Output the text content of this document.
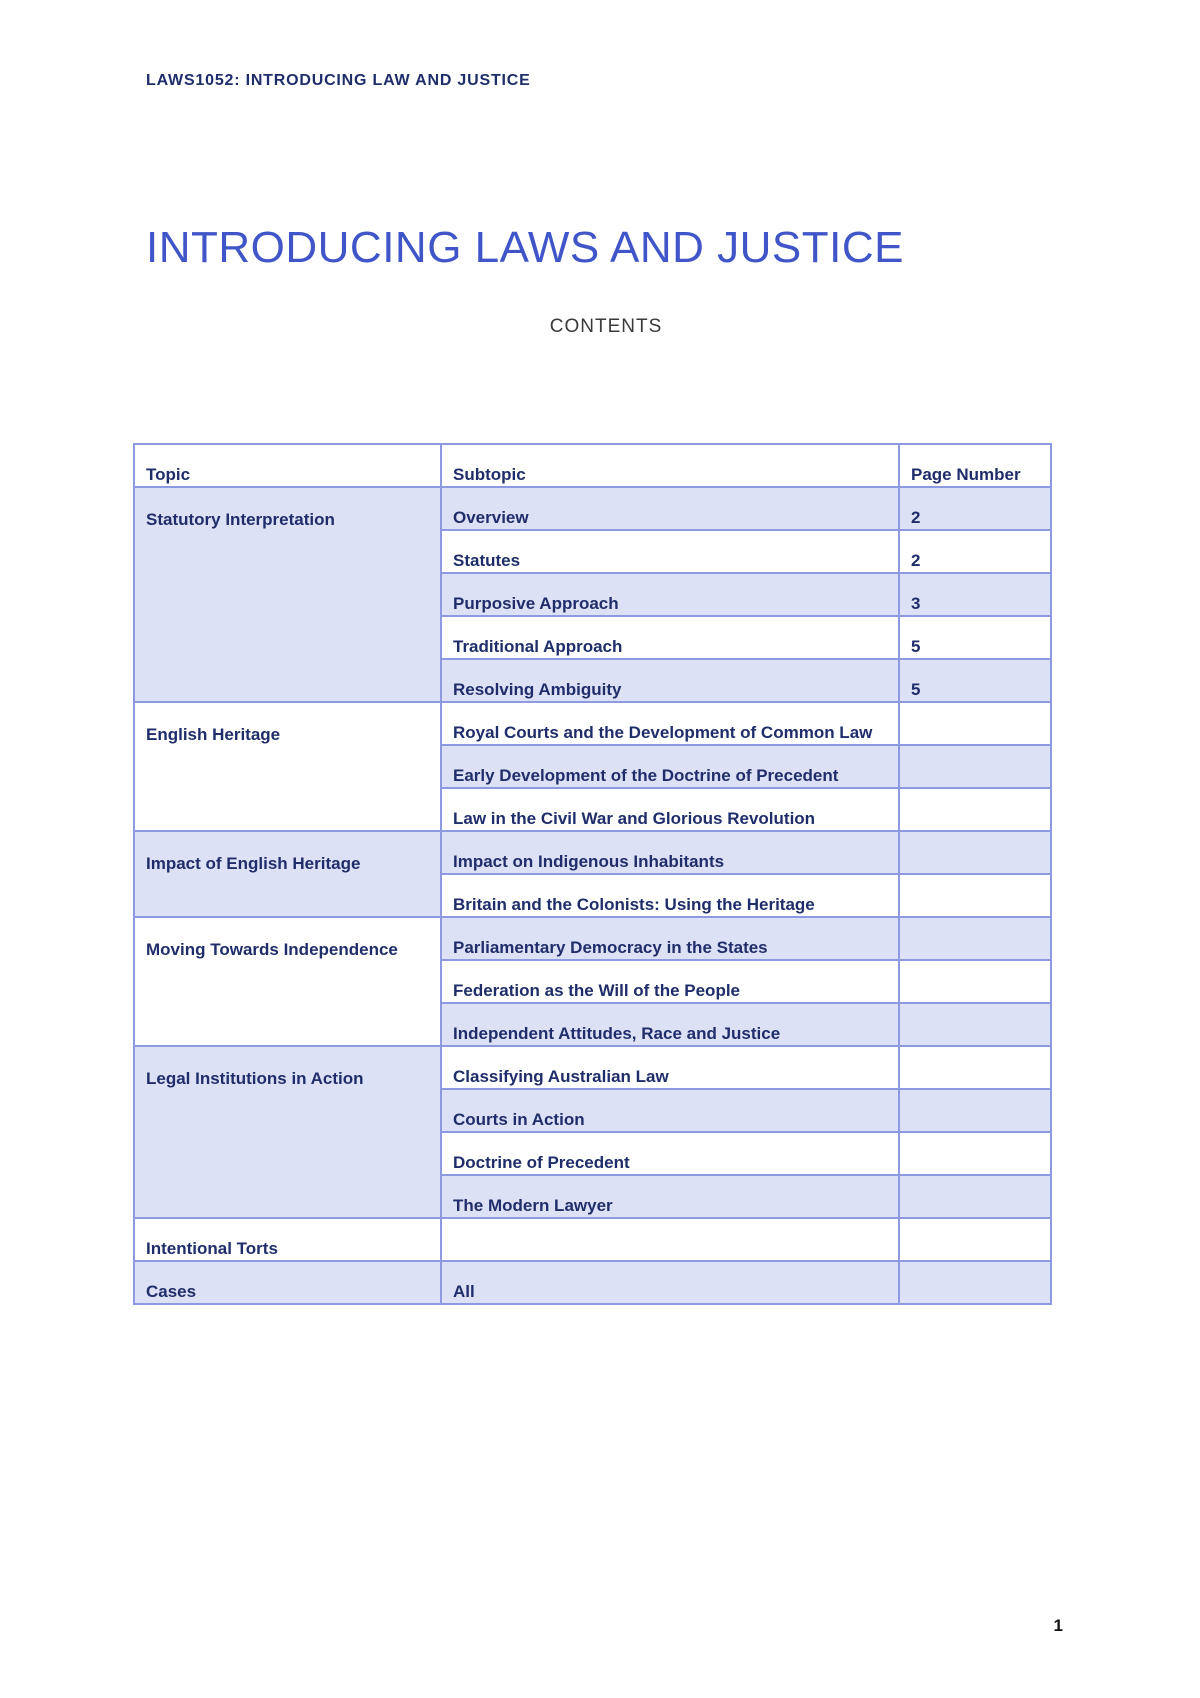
LAWS1052: INTRODUCING LAW AND JUSTICE
INTRODUCING LAWS AND JUSTICE
CONTENTS
Topic	Subtopic	Page Number
Statutory Interpretation	Overview	2
	Statutes	2
	Purposive Approach	3
	Traditional Approach	5
	Resolving Ambiguity	5
English Heritage	Royal Courts and the Development of Common Law	
	Early Development of the Doctrine of Precedent	
	Law in the Civil War and Glorious Revolution	
Impact of English Heritage	Impact on Indigenous Inhabitants	
	Britain and the Colonists: Using the Heritage	
Moving Towards Independence	Parliamentary Democracy in the States	
	Federation as the Will of the People	
	Independent Attitudes, Race and Justice	
Legal Institutions in Action	Classifying Australian Law	
	Courts in Action	
	Doctrine of Precedent	
	The Modern Lawyer	
Intentional Torts		
Cases	All	
1
